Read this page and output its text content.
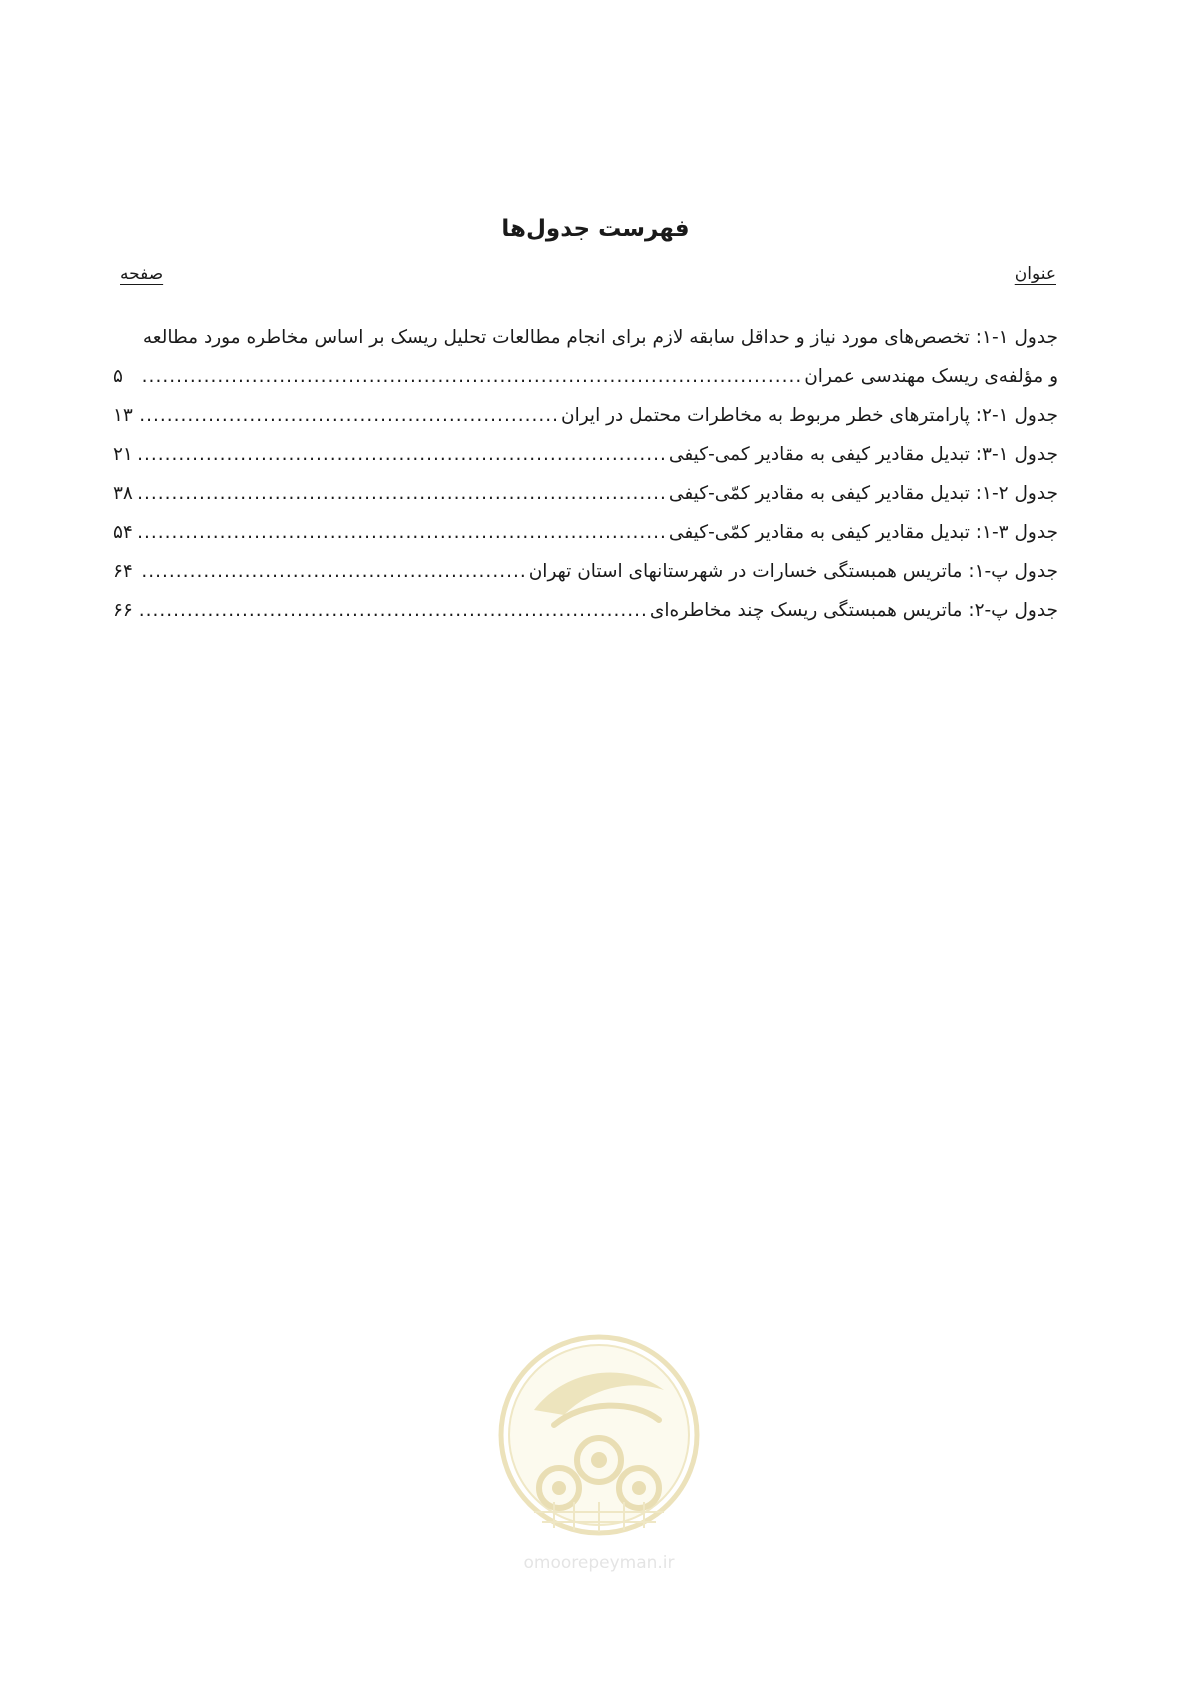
فهرست جدول‌ها
عنوان
صفحه
جدول ۱-۱: تخصص‌های مورد نیاز و حداقل سابقه لازم برای انجام مطالعات تحلیل ریسک بر اساس مخاطره مورد مطالعه
و مؤلفه‌ی ریسک مهندسی عمران
.....
۵
جدول ۱-۲: پارامترهای خطر مربوط به مخاطرات محتمل در ایران
.....
۱۳
جدول ۱-۳: تبدیل مقادیر کیفی به مقادیر کمی-کیفی
.....
۲۱
جدول ۲-۱: تبدیل مقادیر کیفی به مقادیر کمّی-کیفی
.....
۳۸
جدول ۳-۱: تبدیل مقادیر کیفی به مقادیر کمّی-کیفی
.....
۵۴
جدول پ-۱: ماتریس همبستگی خسارات در شهرستانهای استان تهران
.....
۶۴
جدول پ-۲: ماتریس همبستگی ریسک چند مخاطره‌ای
.....
۶۶
omoorepeyman.ir
